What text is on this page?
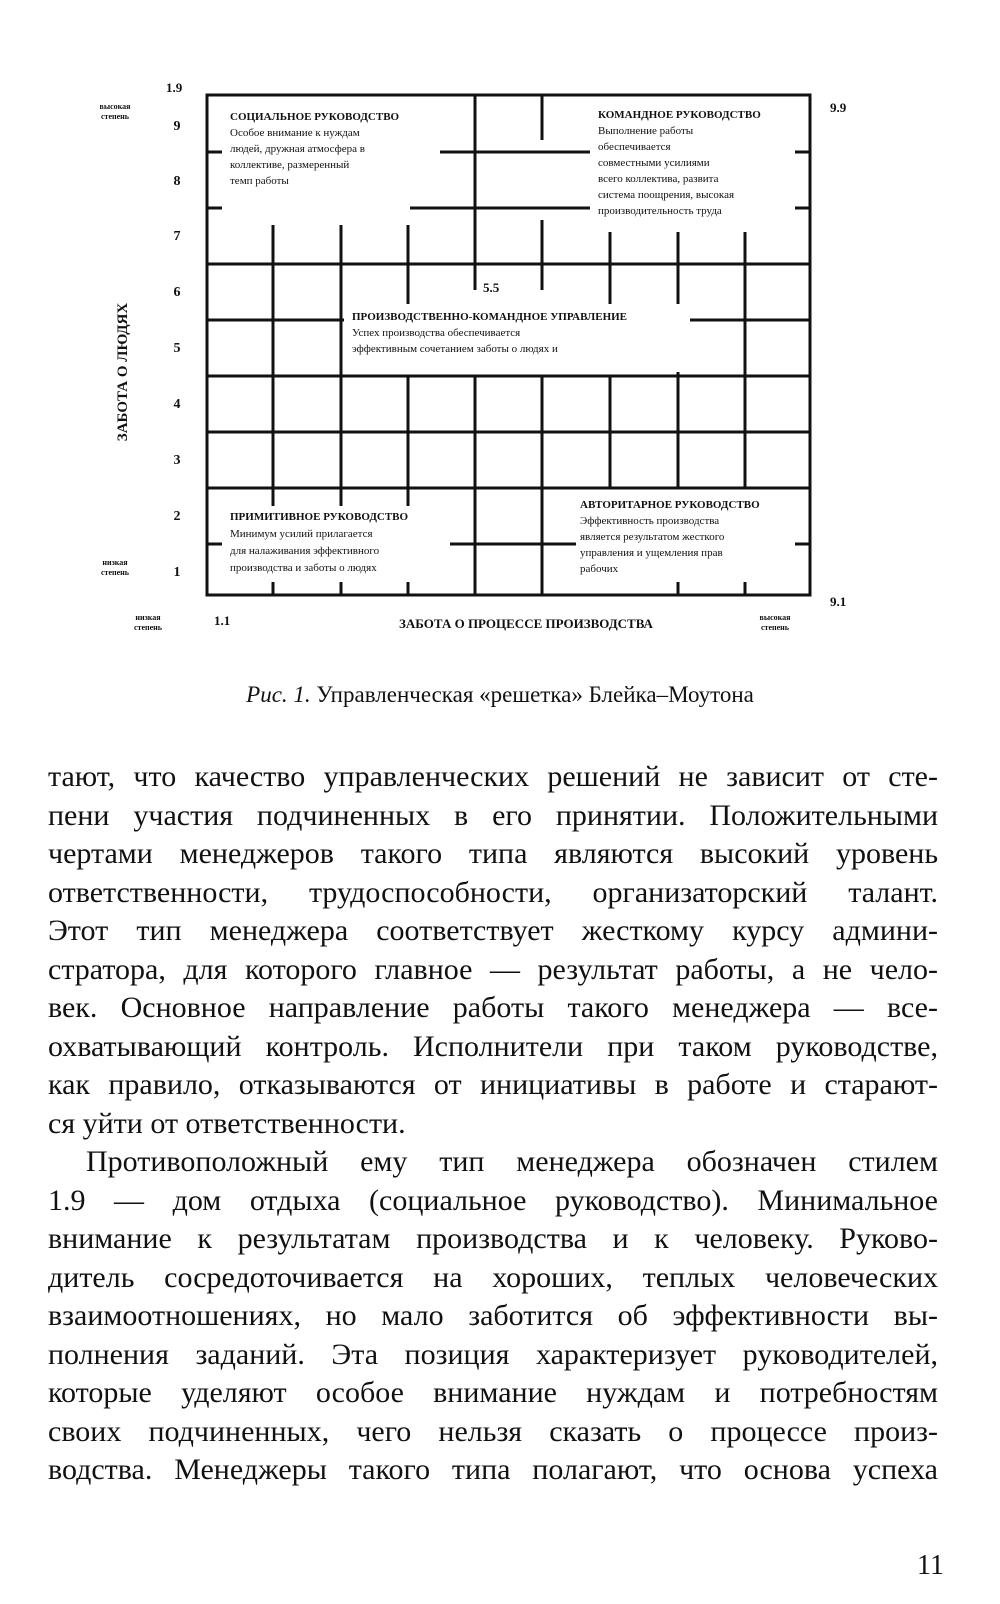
9
8
7
6
5
4
3
2
1
1.9
9.9
1.1
9.1
5.5
высокая
степень
низкая
степень
низкая
степень
высокая
степень
ЗАБОТА О ЛЮДЯХ
ЗАБОТА О ПРОЦЕССЕ ПРОИЗВОДСТВА
СОЦИАЛЬНОЕ РУКОВОДСТВО
Особое внимание к нуждам
людей, дружная атмосфера в
коллективе, размеренный
темп работы
КОМАНДНОЕ РУКОВОДСТВО
Выполнение работы
обеспечивается
совместными усилиями
всего коллектива, развита
система поощрения, высокая
производительность труда
ПРОИЗВОДСТВЕННО-КОМАНДНОЕ УПРАВЛЕНИЕ
Успех производства обеспечивается
эффективным сочетанием заботы о людях и
ПРИМИТИВНОЕ РУКОВОДСТВО
Минимум усилий прилагается
для налаживания эффективного
производства и заботы о людях
АВТОРИТАРНОЕ РУКОВОДСТВО
Эффективность производства
является результатом жесткого
управления и ущемления прав
рабочих
Рис. 1. Управленческая «решетка» Блейка–Моутона

тают, что качество управленческих решений не зависит от сте-
пени участия подчиненных в его принятии. Положительными
чертами менеджеров такого типа являются высокий уровень
ответственности, трудоспособности, организаторский талант.
Этот тип менеджера соответствует жесткому курсу админи-
стратора, для которого главное — результат работы, а не чело-
век. Основное направление работы такого менеджера — все-
охватывающий контроль. Исполнители при таком руководстве,
как правило, отказываются от инициативы в работе и старают-
ся уйти от ответственности.

Противоположный ему тип менеджера обозначен стилем
1.9 — дом отдыха (социальное руководство). Минимальное
внимание к результатам производства и к человеку. Руково-
дитель сосредоточивается на хороших, теплых человеческих
взаимоотношениях, но мало заботится об эффективности вы-
полнения заданий. Эта позиция характеризует руководителей,
которые уделяют особое внимание нуждам и потребностям
своих подчиненных, чего нельзя сказать о процессе произ-
водства. Менеджеры такого типа полагают, что основа успеха

11
